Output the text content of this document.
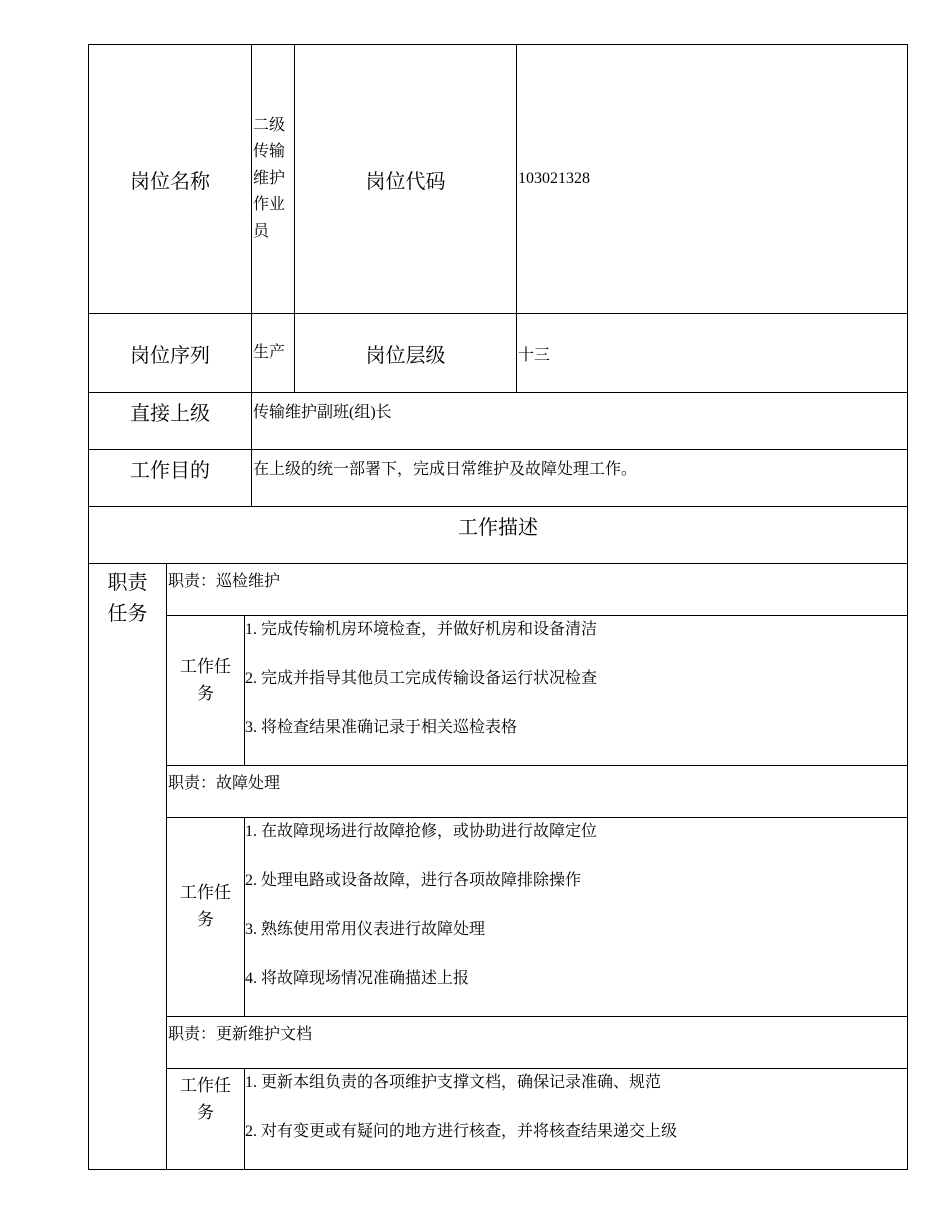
岗位名称			二级传输维护作业员	岗位代码	103021328
岗位序列			生产	岗位层级	十三
直接上级			传输维护副班(组)长		
工作目的			在上级的统一部署下，完成日常维护及故障处理工作。		
工作描述					

职责任务	职责：巡检维护				

	工作任务	1. 完成传输机房环境检查，并做好机房和设备清洁
2. 完成并指导其他员工完成传输设备运行状况检查
3. 将检查结果准确记录于相关巡检表格			

	职责：故障处理				

	工作任务	1. 在故障现场进行故障抢修，或协助进行故障定位
2. 处理电路或设备故障，进行各项故障排除操作
3. 熟练使用常用仪表进行故障处理
4. 将故障现场情况准确描述上报			

	职责：更新维护文档				

	工作任务	1. 更新本组负责的各项维护支撑文档，确保记录准确、规范
2. 对有变更或有疑问的地方进行核查，并将核查结果递交上级			
